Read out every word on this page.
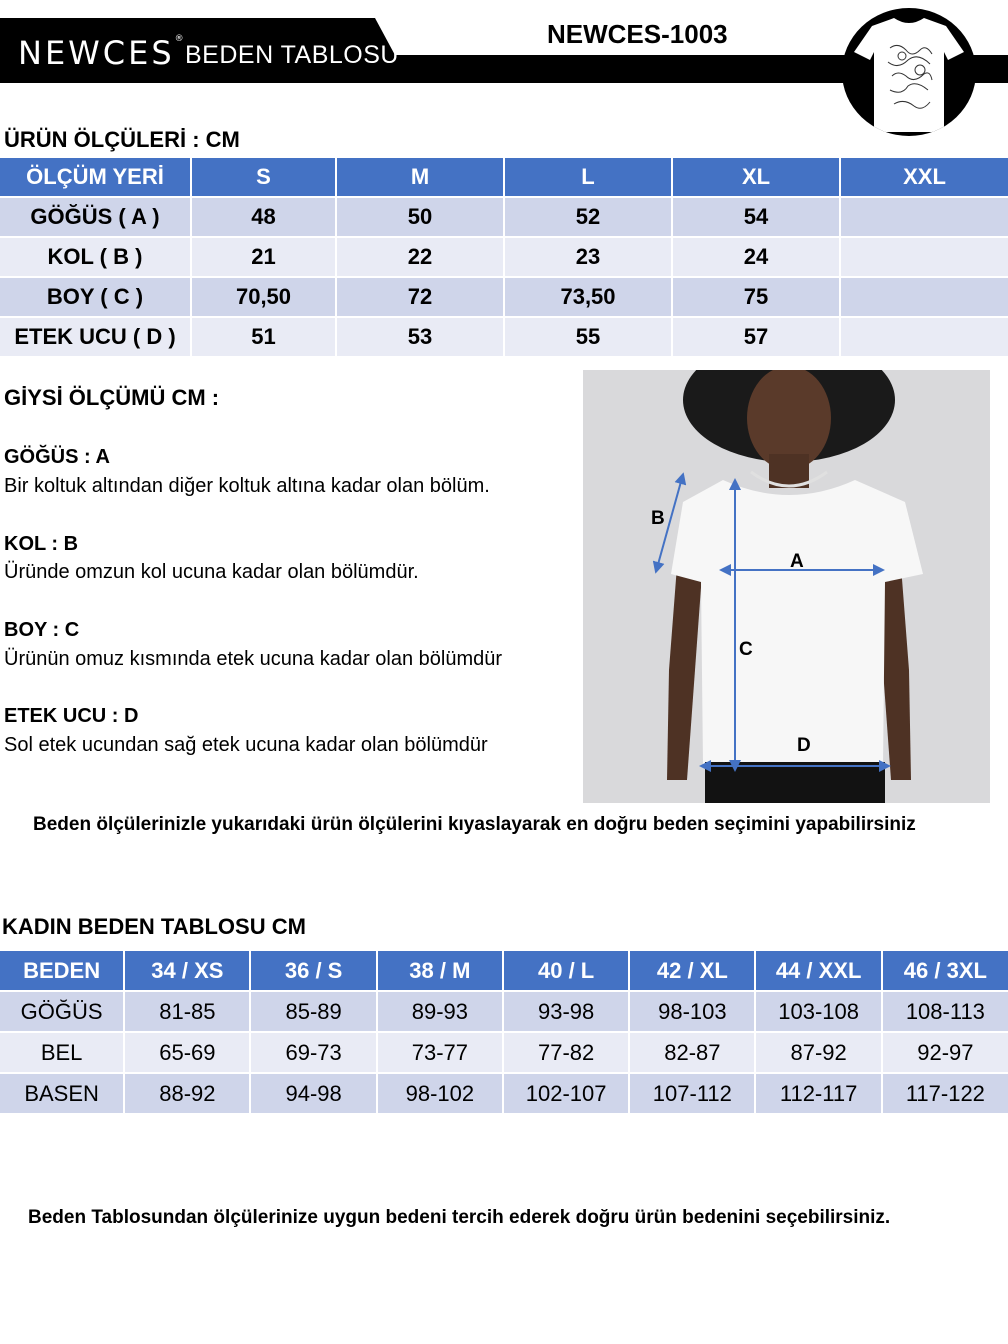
NEWCES®
BEDEN TABLOSU
NEWCES-1003
…
ÜRÜN ÖLÇÜLERİ : CM
ÖLÇÜM YERİ	S	M	L	XL	XXL
GÖĞÜS ( A )	48	50	52	54	
KOL ( B )	21	22	23	24	
BOY ( C )	70,50	72	73,50	75	
ETEK UCU ( D )	51	53	55	57	
GİYSİ ÖLÇÜMÜ CM :
GÖĞÜS : A
Bir koltuk altından diğer koltuk altına kadar olan bölüm.
KOL : B
Üründe omzun kol ucuna kadar olan bölümdür.
BOY : C
Ürünün omuz kısmında etek ucuna kadar olan bölümdür
ETEK UCU : D
Sol etek ucundan sağ etek ucuna kadar olan bölümdür
B
A
C
D
Beden ölçülerinizle yukarıdaki ürün ölçülerini kıyaslayarak en doğru beden seçimini yapabilirsiniz
KADIN BEDEN TABLOSU CM
BEDEN	34 / XS	36 / S	38 / M	40 / L	42 / XL	44 / XXL	46 / 3XL
GÖĞÜS	81-85	85-89	89-93	93-98	98-103	103-108	108-113
BEL	65-69	69-73	73-77	77-82	82-87	87-92	92-97
BASEN	88-92	94-98	98-102	102-107	107-112	112-117	117-122
Beden Tablosundan ölçülerinize uygun bedeni tercih ederek doğru ürün bedenini seçebilirsiniz.
